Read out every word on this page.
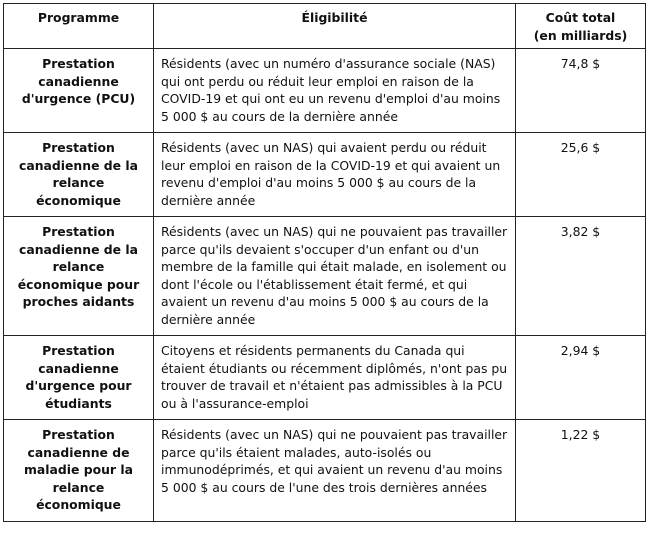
Programme	Éligibilité	Coût total
(en milliards)
Prestation canadienne d'urgence (PCU)	Résidents (avec un numéro d'assurance sociale (NAS) qui ont perdu ou réduit leur emploi en raison de la COVID-19 et qui ont eu un revenu d'emploi d'au moins 5 000 $ au cours de la dernière année	74,8 $
Prestation canadienne de la relance économique	Résidents (avec un NAS) qui avaient perdu ou réduit leur emploi en raison de la COVID-19 et qui avaient un revenu d'emploi d'au moins 5 000 $ au cours de la dernière année	25,6 $
Prestation canadienne de la relance économique pour proches aidants	Résidents (avec un NAS) qui ne pouvaient pas travailler parce qu'ils devaient s'occuper d'un enfant ou d'un membre de la famille qui était malade, en isolement ou dont l'école ou l'établissement était fermé, et qui avaient un revenu d'au moins 5 000 $ au cours de la dernière année	3,82 $
Prestation canadienne d'urgence pour étudiants	Citoyens et résidents permanents du Canada qui étaient étudiants ou récemment diplômés, n'ont pas pu trouver de travail et n'étaient pas admissibles à la PCU ou à l'assurance-emploi	2,94 $
Prestation canadienne de maladie pour la relance économique	Résidents (avec un NAS) qui ne pouvaient pas travailler parce qu'ils étaient malades, auto-isolés ou immunodéprimés, et qui avaient un revenu d'au moins 5 000 $ au cours de l'une des trois dernières années	1,22 $
